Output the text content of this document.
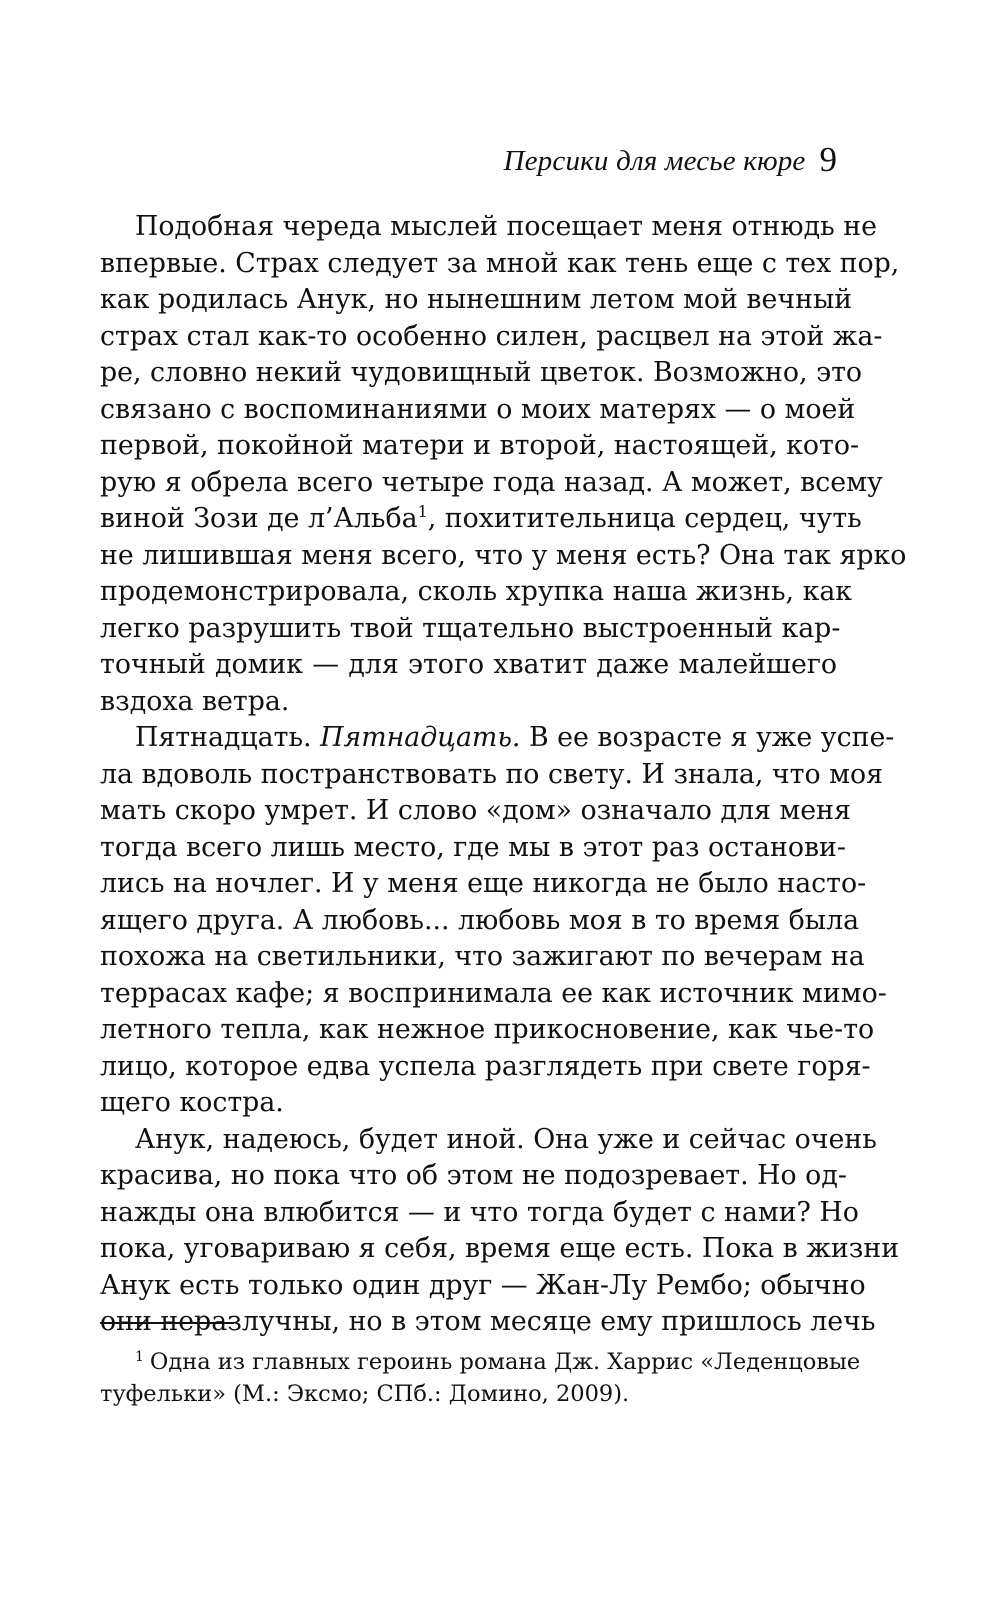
Персики для месье кюре 9
Подобная череда мыслей посещает меня отнюдь не
впервые. Страх следует за мной как тень еще с тех пор,
как родилась Анук, но нынешним летом мой вечный
страх стал как-то особенно силен, расцвел на этой жа-
ре, словно некий чудовищный цветок. Возможно, это
связано с воспоминаниями о моих матерях — о моей
первой, покойной матери и второй, настоящей, кото-
рую я обрела всего четыре года назад. А может, всему
виной Зози де л’Альба$^1$, похитительница сердец, чуть
не лишившая меня всего, что у меня есть? Она так ярко
продемонстрировала, сколь хрупка наша жизнь, как
легко разрушить твой тщательно выстроенный кар-
точный домик — для этого хватит даже малейшего
вздоха ветра.
Пятнадцать. Пятнадцать. В ее возрасте я уже успе-
ла вдоволь постранствовать по свету. И знала, что моя
мать скоро умрет. И слово «дом» означало для меня
тогда всего лишь место, где мы в этот раз останови-
лись на ночлег. И у меня еще никогда не было насто-
ящего друга. А любовь... любовь моя в то время была
похожа на светильники, что зажигают по вечерам на
террасах кафе; я воспринимала ее как источник мимо-
летного тепла, как нежное прикосновение, как чье-то
лицо, которое едва успела разглядеть при свете горя-
щего костра.
Анук, надеюсь, будет иной. Она уже и сейчас очень
красива, но пока что об этом не подозревает. Но од-
нажды она влюбится — и что тогда будет с нами? Но
пока, уговариваю я себя, время еще есть. Пока в жизни
Анук есть только один друг — Жан-Лу Рембо; обычно
они неразлучны, но в этом месяце ему пришлось лечь
$^1$ Одна из главных героинь романа Дж. Харрис «Леденцовые
туфельки» (М.: Эксмо; СПб.: Домино, 2009).
